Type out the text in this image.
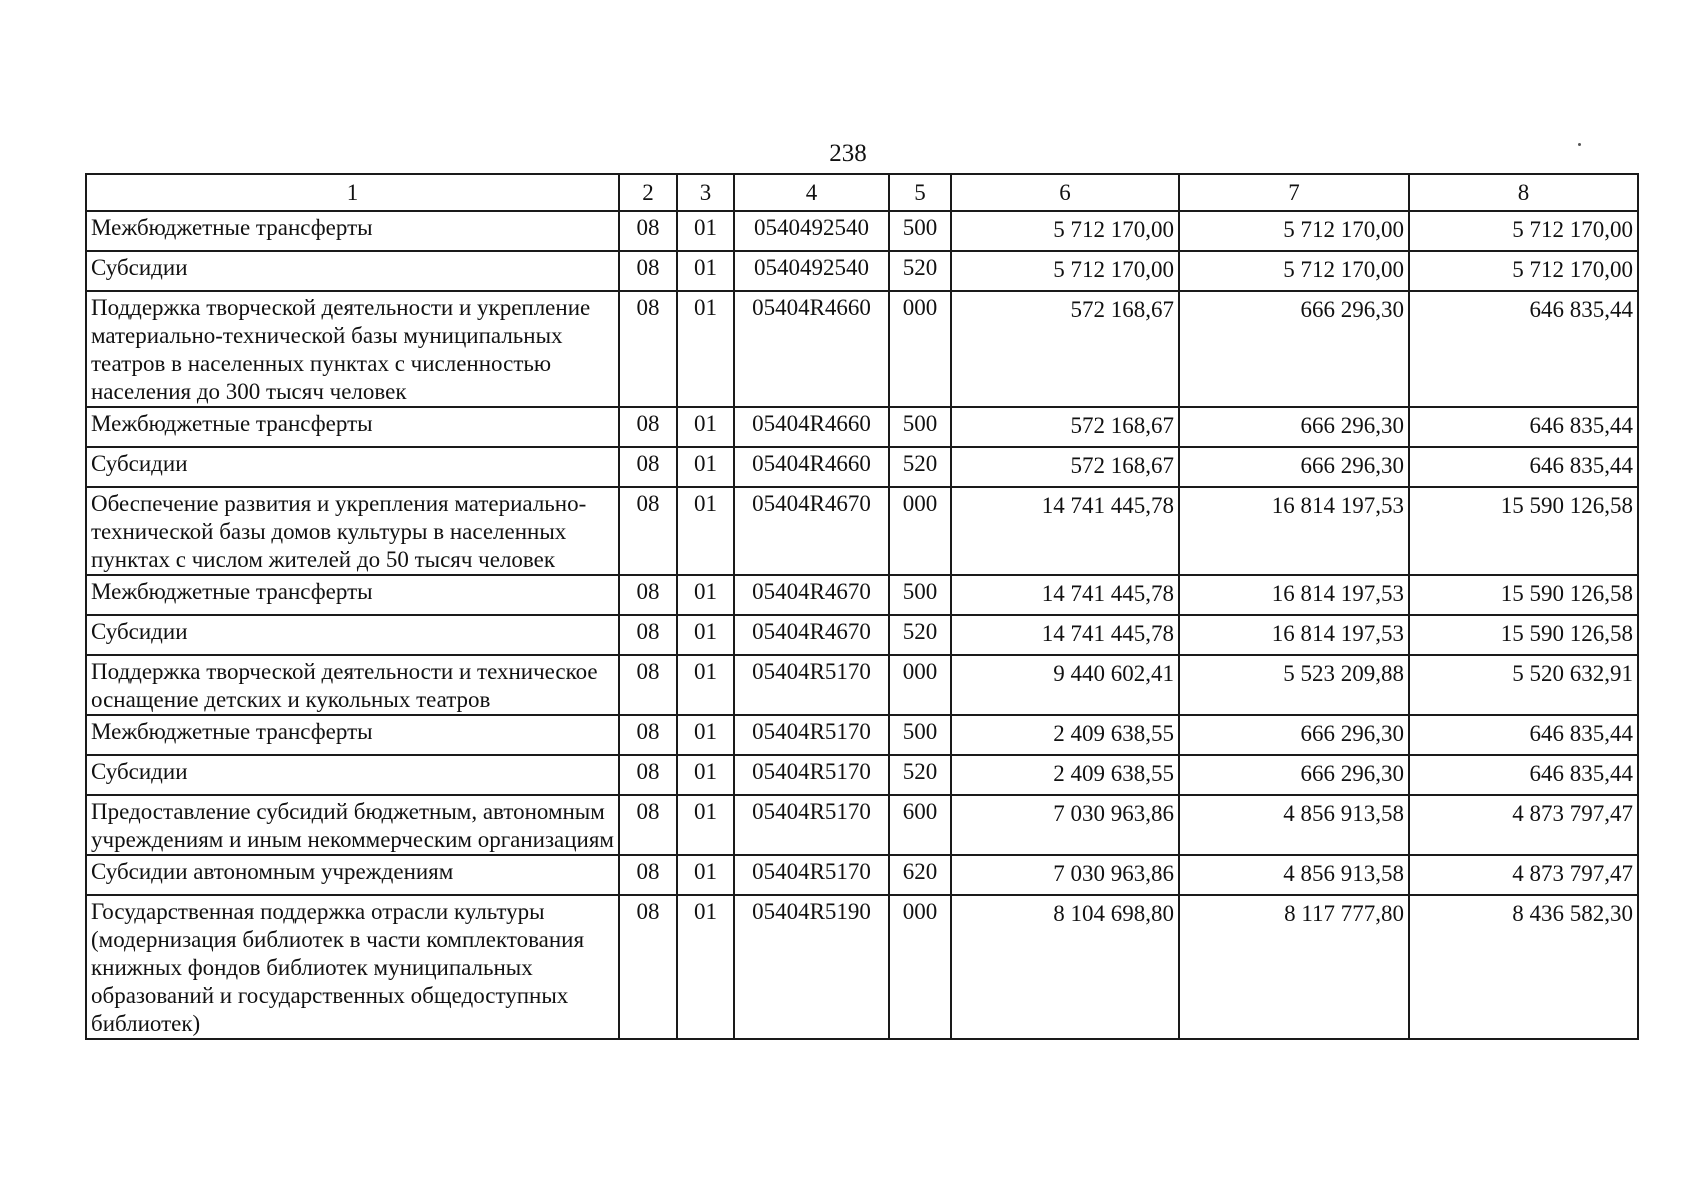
238
1	2	3	4	5	6	7	8
Межбюджетные трансферты	08	01	0540492540	500	5 712 170,00	5 712 170,00	5 712 170,00
Субсидии	08	01	0540492540	520	5 712 170,00	5 712 170,00	5 712 170,00
Поддержка творческой деятельности и укрепление материально-технической базы муниципальных театров в населенных пунктах с численностью населения до 300 тысяч человек	08	01	05404R4660	000	572 168,67	666 296,30	646 835,44
Межбюджетные трансферты	08	01	05404R4660	500	572 168,67	666 296,30	646 835,44
Субсидии	08	01	05404R4660	520	572 168,67	666 296,30	646 835,44
Обеспечение развития и укрепления материально-технической базы домов культуры в населенных пунктах с числом жителей до 50 тысяч человек	08	01	05404R4670	000	14 741 445,78	16 814 197,53	15 590 126,58
Межбюджетные трансферты	08	01	05404R4670	500	14 741 445,78	16 814 197,53	15 590 126,58
Субсидии	08	01	05404R4670	520	14 741 445,78	16 814 197,53	15 590 126,58
Поддержка творческой деятельности и техническое оснащение детских и кукольных театров	08	01	05404R5170	000	9 440 602,41	5 523 209,88	5 520 632,91
Межбюджетные трансферты	08	01	05404R5170	500	2 409 638,55	666 296,30	646 835,44
Субсидии	08	01	05404R5170	520	2 409 638,55	666 296,30	646 835,44
Предоставление субсидий бюджетным, автономным учреждениям и иным некоммерческим организациям	08	01	05404R5170	600	7 030 963,86	4 856 913,58	4 873 797,47
Субсидии автономным учреждениям	08	01	05404R5170	620	7 030 963,86	4 856 913,58	4 873 797,47
Государственная поддержка отрасли культуры (модернизация библиотек в части комплектования книжных фондов библиотек муниципальных образований и государственных общедоступных библиотек)	08	01	05404R5190	000	8 104 698,80	8 117 777,80	8 436 582,30
